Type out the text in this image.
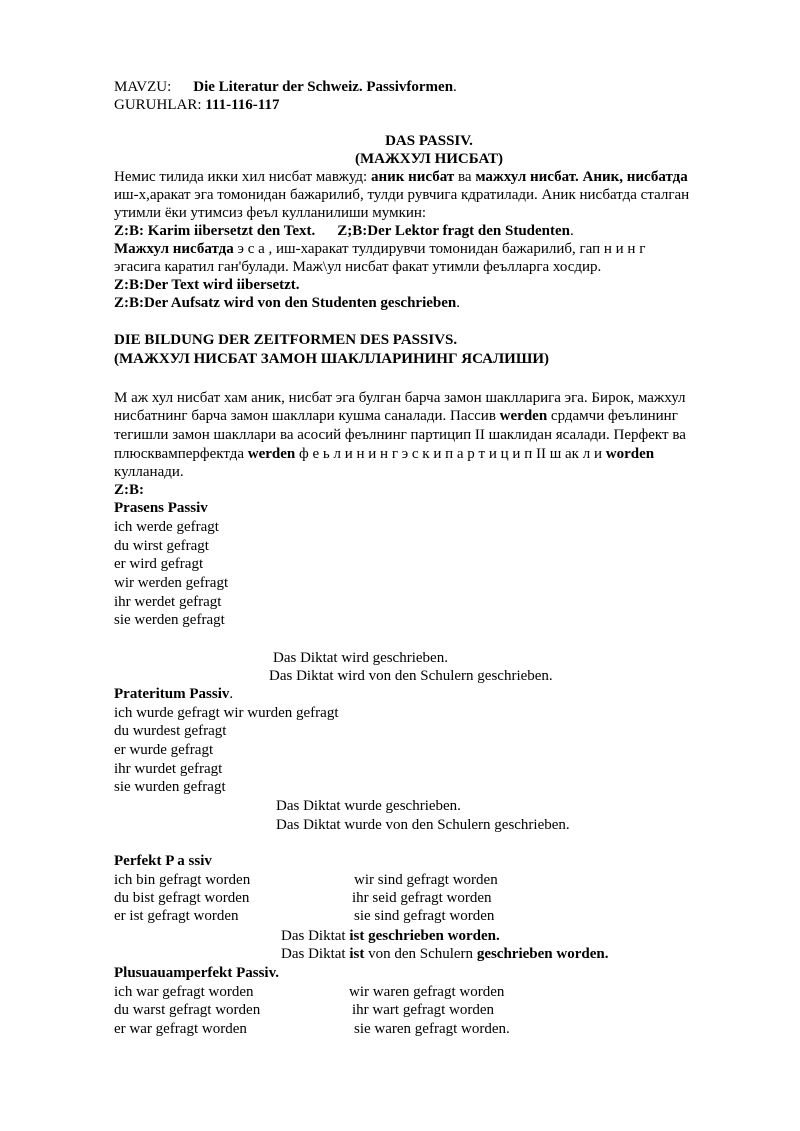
MAVZU: Die Literatur der Schweiz. Passivformen.
GURUHLAR: 111-116-117
DAS PASSIV.
(МАЖХУЛ НИСБАТ)
Немис тилида икки хил нисбат мавжуд: аник нисбат ва мажхул нисбат. Аник, нисбатда
иш-х,аракат эга томонидан бажарилиб, тулди рувчига кдратилади. Аник нисбатда сталган
утимли ёки утимсиз феъл кулланилиши мумкин:
Z:B: Karim iibersetzt den Text. Z;B:Der Lektor fragt den Studenten.
Мажхул нисбатда э с а , иш-харакат тулдирувчи томонидан бажарилиб, гап н и н г
эгасига каратил ган'булади. Маж\ул нисбат факат утимли феълларга хосдир.
Z:B:Der Text wird iibersetzt.
Z:B:Der Aufsatz wird von den Studenten geschrieben.
DIE BILDUNG DER ZEITFORMEN DES PASSIVS.
(МАЖХУЛ НИСБАТ ЗАМОН ШАКЛЛАРИНИНГ ЯСАЛИШИ)
М аж хул нисбат хам аник, нисбат эга булган барча замон шаклларига эга. Бирок, мажхул
нисбатнинг барча замон шакллари кушма саналади. Пассив werden срдамчи феълининг
тегишли замон шакллари ва асосий феълнинг партицип II шаклидан ясалади. Перфект ва
плюсквамперфектда werden ф е ь л и н и н г э с к и п а р т и ц и п II ш ак л и worden
кулланади.
Z:B:
Prasens Passiv
ich werde gefragt
du wirst gefragt
er wird gefragt
wir werden gefragt
ihr werdet gefragt
sie werden gefragt
Das Diktat wird geschrieben.
Das Diktat wird von den Schulern geschrieben.
Prateritum Passiv.
ich wurde gefragt wir wurden gefragt
du wurdest gefragt
er wurde gefragt
ihr wurdet gefragt
sie wurden gefragt
Das Diktat wurde geschrieben.
Das Diktat wurde von den Schulern geschrieben.
Perfekt P a ssiv
ich bin gefragt worden	wir sind gefragt worden
du bist gefragt worden	ihr seid gefragt worden
er ist gefragt worden	sie sind gefragt worden
Das Diktat ist geschrieben worden.
Das Diktat ist von den Schulern geschrieben worden.
Plusuauamperfekt Passiv.
ich war gefragt worden	wir waren gefragt worden
du warst gefragt worden	ihr wart gefragt worden
er war gefragt worden	sie waren gefragt worden.
